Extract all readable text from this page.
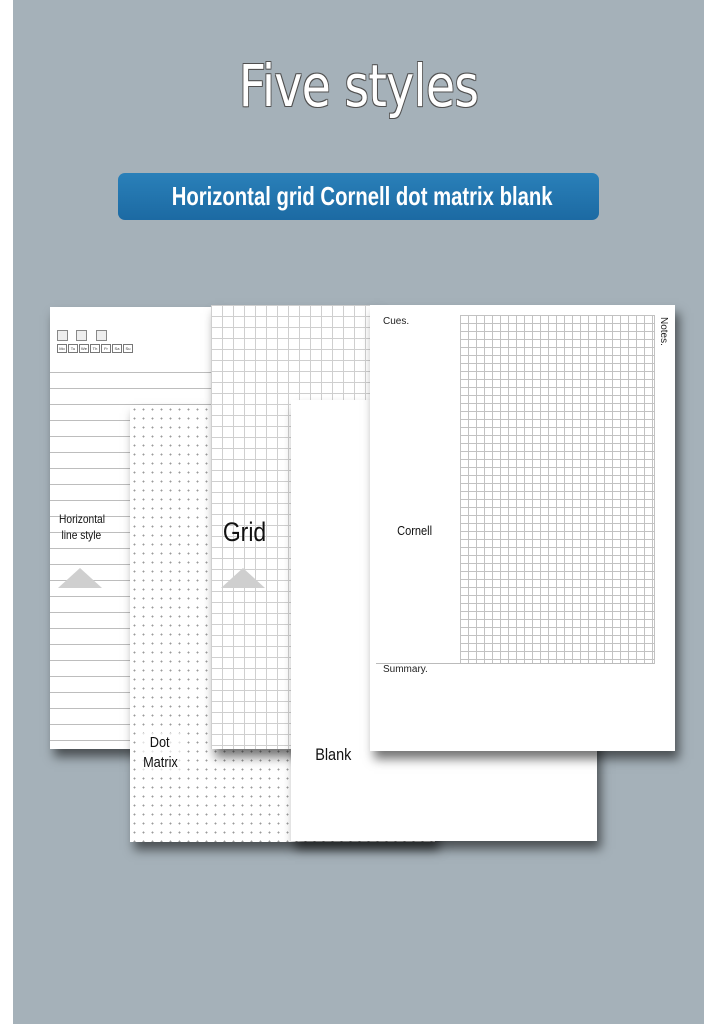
Five styles
Horizontal grid Cornell dot matrix blank

Mo	Tu	We	Th	Fr	Sa	Su
Cues.	Notes.
Summary.
Horizontal
line style	Grid
Dot
Matrix	Blank
Cornell
